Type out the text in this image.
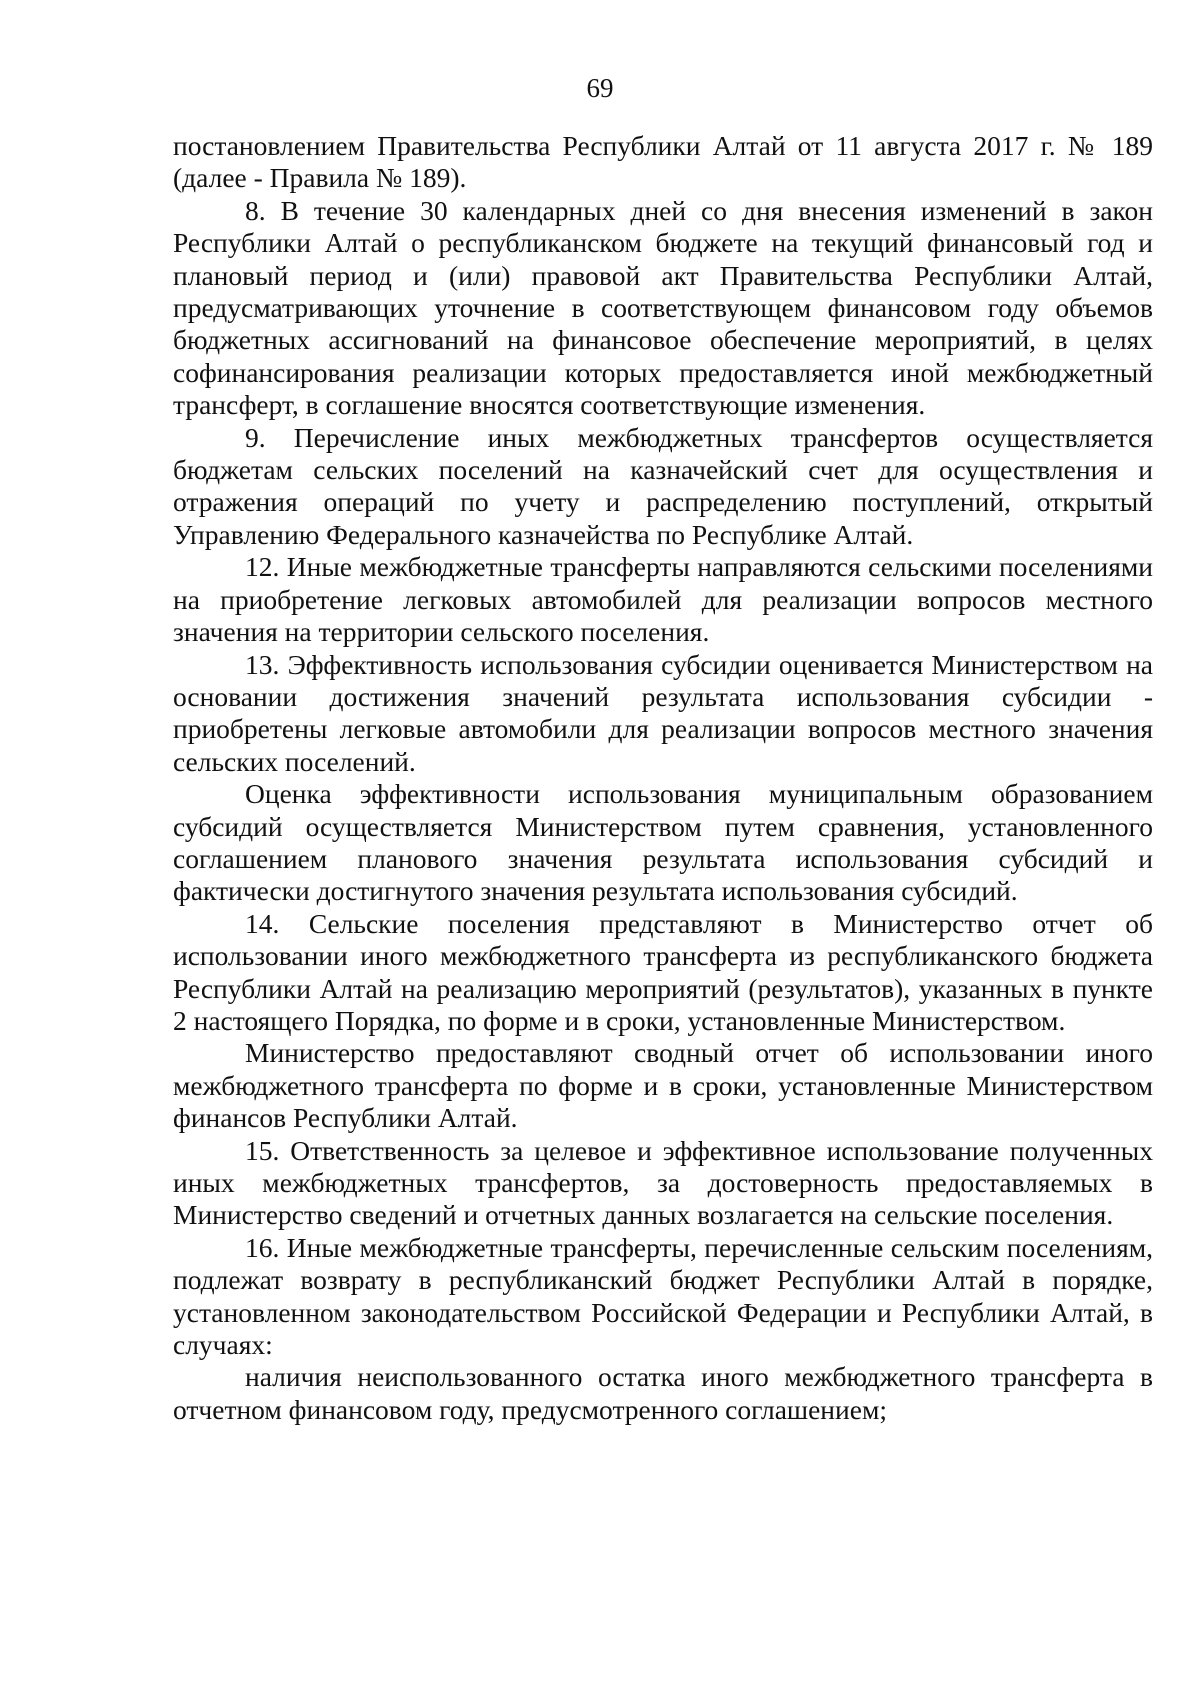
69

постановлением Правительства Республики Алтай от 11 августа 2017 г. № 189 (далее - Правила № 189).

8. В течение 30 календарных дней со дня внесения изменений в закон Республики Алтай о республиканском бюджете на текущий финансовый год и плановый период и (или) правовой акт Правительства Республики Алтай, предусматривающих уточнение в соответствующем финансовом году объемов бюджетных ассигнований на финансовое обеспечение мероприятий, в целях софинансирования реализации которых предоставляется иной межбюджетный трансферт, в соглашение вносятся соответствующие изменения.

9. Перечисление иных межбюджетных трансфертов осуществляется бюджетам сельских поселений на казначейский счет для осуществления и отражения операций по учету и распределению поступлений, открытый Управлению Федерального казначейства по Республике Алтай.

12. Иные межбюджетные трансферты направляются сельскими поселениями на приобретение легковых автомобилей для реализации вопросов местного значения на территории сельского поселения.

13. Эффективность использования субсидии оценивается Министерством на основании достижения значений результата использования субсидии - приобретены легковые автомобили для реализации вопросов местного значения сельских поселений.

Оценка эффективности использования муниципальным образованием субсидий осуществляется Министерством путем сравнения, установленного соглашением планового значения результата использования субсидий и фактически достигнутого значения результата использования субсидий.

14. Сельские поселения представляют в Министерство отчет об использовании иного межбюджетного трансферта из республиканского бюджета Республики Алтай на реализацию мероприятий (результатов), указанных в пункте 2 настоящего Порядка, по форме и в сроки, установленные Министерством.

Министерство предоставляют сводный отчет об использовании иного межбюджетного трансферта по форме и в сроки, установленные Министерством финансов Республики Алтай.

15. Ответственность за целевое и эффективное использование полученных иных межбюджетных трансфертов, за достоверность предоставляемых в Министерство сведений и отчетных данных возлагается на сельские поселения.

16. Иные межбюджетные трансферты, перечисленные сельским поселениям, подлежат возврату в республиканский бюджет Республики Алтай в порядке, установленном законодательством Российской Федерации и Республики Алтай, в случаях:

наличия неиспользованного остатка иного межбюджетного трансферта в отчетном финансовом году, предусмотренного соглашением;
